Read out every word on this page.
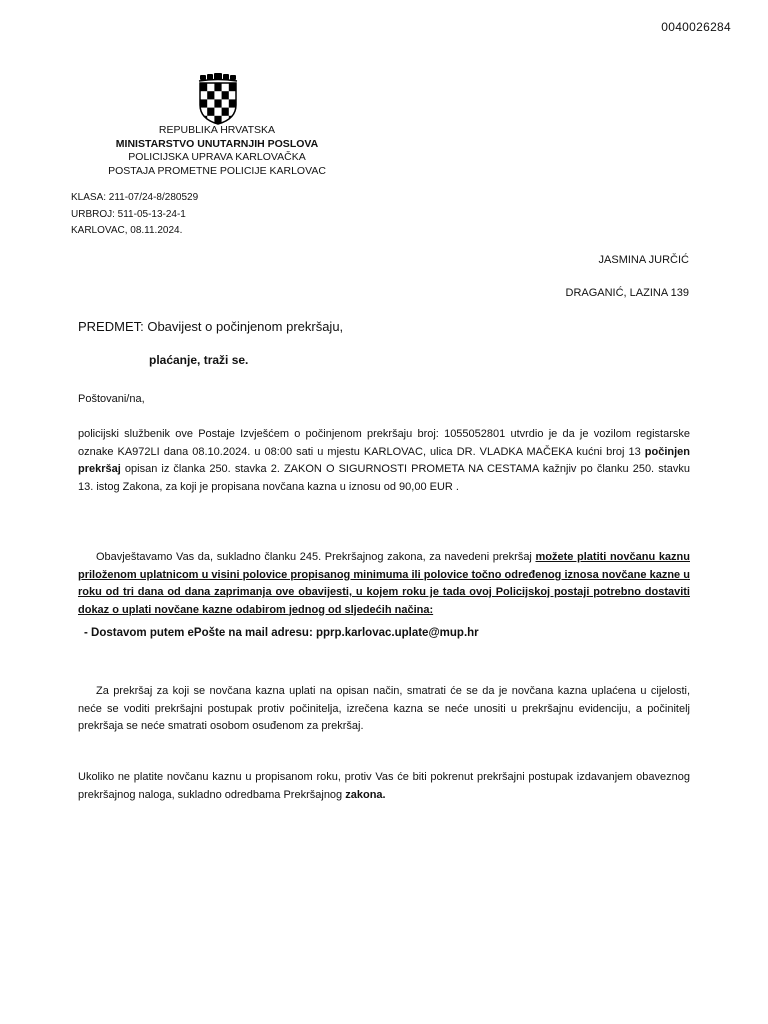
0040026284
REPUBLIKA HRVATSKA
MINISTARSTVO UNUTARNJIH POSLOVA
POLICIJSKA UPRAVA KARLOVAČKA
POSTAJA PROMETNE POLICIJE KARLOVAC
KLASA: 211-07/24-8/280529
URBROJ: 511-05-13-24-1
KARLOVAC, 08.11.2024.
JASMINA JURČIĆ
DRAGANIĆ, LAZINA 139
PREDMET: Obavijest o počinjenom prekršaju,
plaćanje, traži se.
Poštovani/na,

policijski službenik ove Postaje Izvješćem o počinjenom prekršaju broj: 1055052801 utvrdio je da je vozilom registarske oznake KA972LI dana 08.10.2024. u 08:00 sati u mjestu KARLOVAC, ulica DR. VLADKA MAČEKA kućni broj 13 počinjen prekršaj opisan iz članka 250. stavka 2. ZAKON O SIGURNOSTI PROMETA NA CESTAMA kažnjiv po članku 250. stavku 13. istog Zakona, za koji je propisana novčana kazna u iznosu od 90,00 EUR .

Obavještavamo Vas da, sukladno članku 245. Prekršajnog zakona, za navedeni prekršaj možete platiti novčanu kaznu priloženom uplatnicom u visini polovice propisanog minimuma ili polovice točno određenog iznosa novčane kazne u roku od tri dana od dana zaprimanja ove obavijesti, u kojem roku je tada ovoj Policijskoj postaji potrebno dostaviti dokaz o uplati novčane kazne odabirom jednog od sljedećih načina:

- Dostavom putem ePošte na mail adresu: pprp.karlovac.uplate@mup.hr

Za prekršaj za koji se novčana kazna uplati na opisan način, smatrati će se da je novčana kazna uplaćena u cijelosti, neće se voditi prekršajni postupak protiv počinitelja, izrečena kazna se neće unositi u prekršajnu evidenciju, a počinitelj prekršaja se neće smatrati osobom osuđenom za prekršaj.

Ukoliko ne platite novčanu kaznu u propisanom roku, protiv Vas će biti pokrenut prekršajni postupak izdavanjem obaveznog prekršajnog naloga, sukladno odredbama Prekršajnog zakona.
